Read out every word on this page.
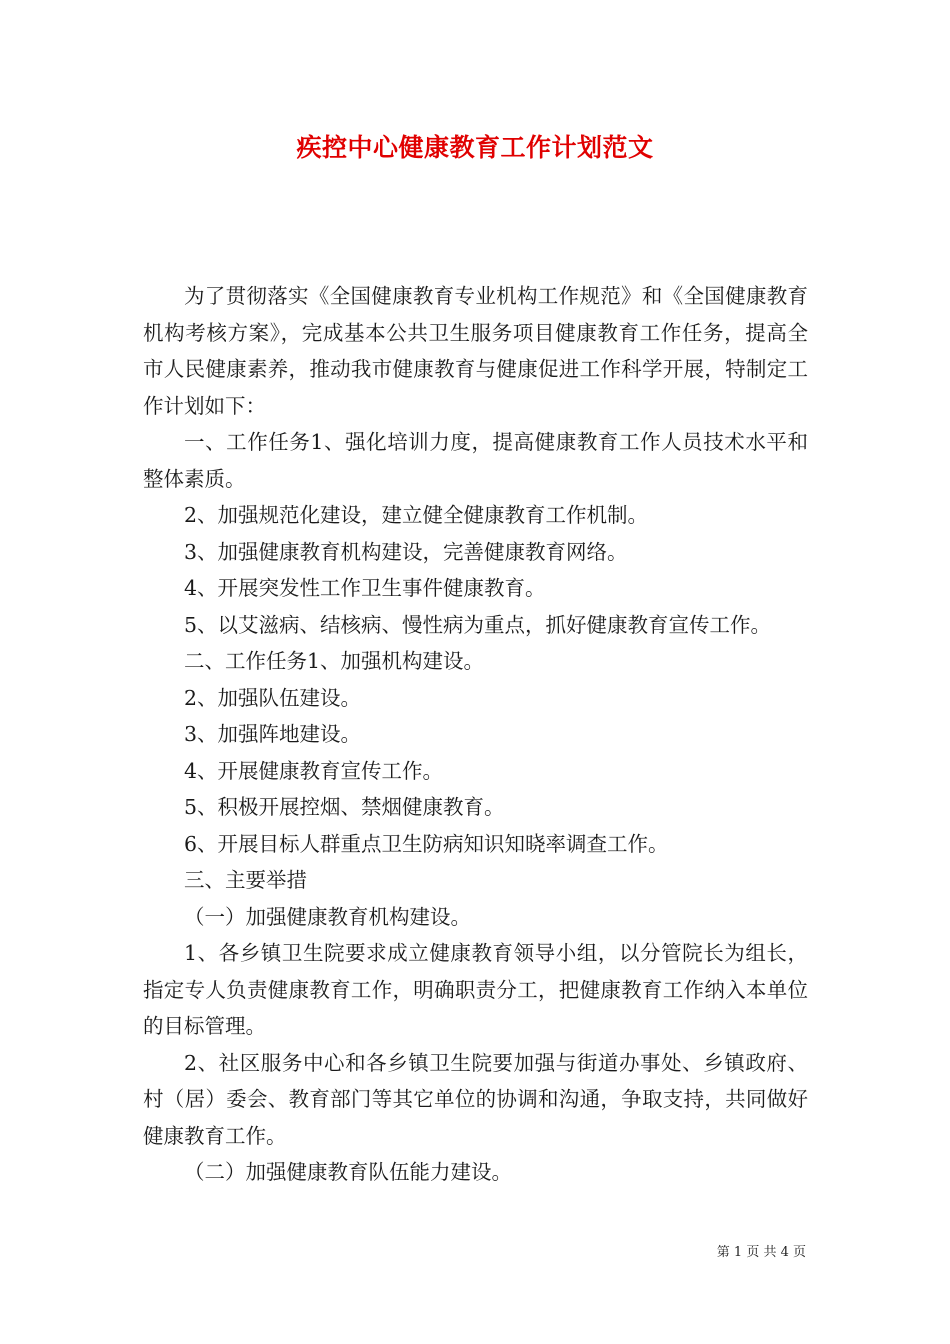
疾控中心健康教育工作计划范文

为了贯彻落实《全国健康教育专业机构工作规范》和《全国健康教育机构考核方案》，完成基本公共卫生服务项目健康教育工作任务，提高全市人民健康素养，推动我市健康教育与健康促进工作科学开展，特制定工作计划如下：

一、工作任务1、强化培训力度，提高健康教育工作人员技术水平和整体素质。

2、加强规范化建设，建立健全健康教育工作机制。

3、加强健康教育机构建设，完善健康教育网络。

4、开展突发性工作卫生事件健康教育。

5、以艾滋病、结核病、慢性病为重点，抓好健康教育宣传工作。

二、工作任务1、加强机构建设。

2、加强队伍建设。

3、加强阵地建设。

4、开展健康教育宣传工作。

5、积极开展控烟、禁烟健康教育。

6、开展目标人群重点卫生防病知识知晓率调查工作。

三、主要举措

（一）加强健康教育机构建设。

1、各乡镇卫生院要求成立健康教育领导小组，以分管院长为组长，指定专人负责健康教育工作，明确职责分工，把健康教育工作纳入本单位的目标管理。

2、社区服务中心和各乡镇卫生院要加强与街道办事处、乡镇政府、村（居）委会、教育部门等其它单位的协调和沟通，争取支持，共同做好健康教育工作。

（二）加强健康教育队伍能力建设。

第 1 页 共 4 页
